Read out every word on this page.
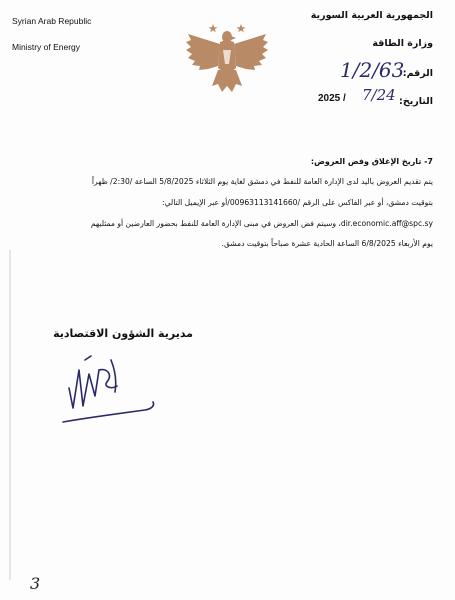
Syrian Arab Republic
Ministry of Energy
الجمهورية العربية السورية
وزارة الطاقة
الرقم:
1/2/63
التاريخ:
2025 / 7/24
7- تاريخ الإغلاق وفض العروض:
يتم تقديم العروض باليد لدى الإدارة العامة للنفط في دمشق لغاية يوم الثلاثاء 5/8/2025 الساعة /2:30/ ظهراً
بتوقيت دمشق، أو عبر الفاكس على الرقم /00963113141660/أو عبر الإيميل التالي:
dir.economic.aff@spc.sy، وسيتم فض العروض في مبنى الإدارة العامة للنفط بحضور العارضين أو ممثليهم
يوم الأربعاء 6/8/2025 الساعة الحادية عشرة صباحاً بتوقيت دمشق.
مديرية الشؤون الاقتصادية
3
